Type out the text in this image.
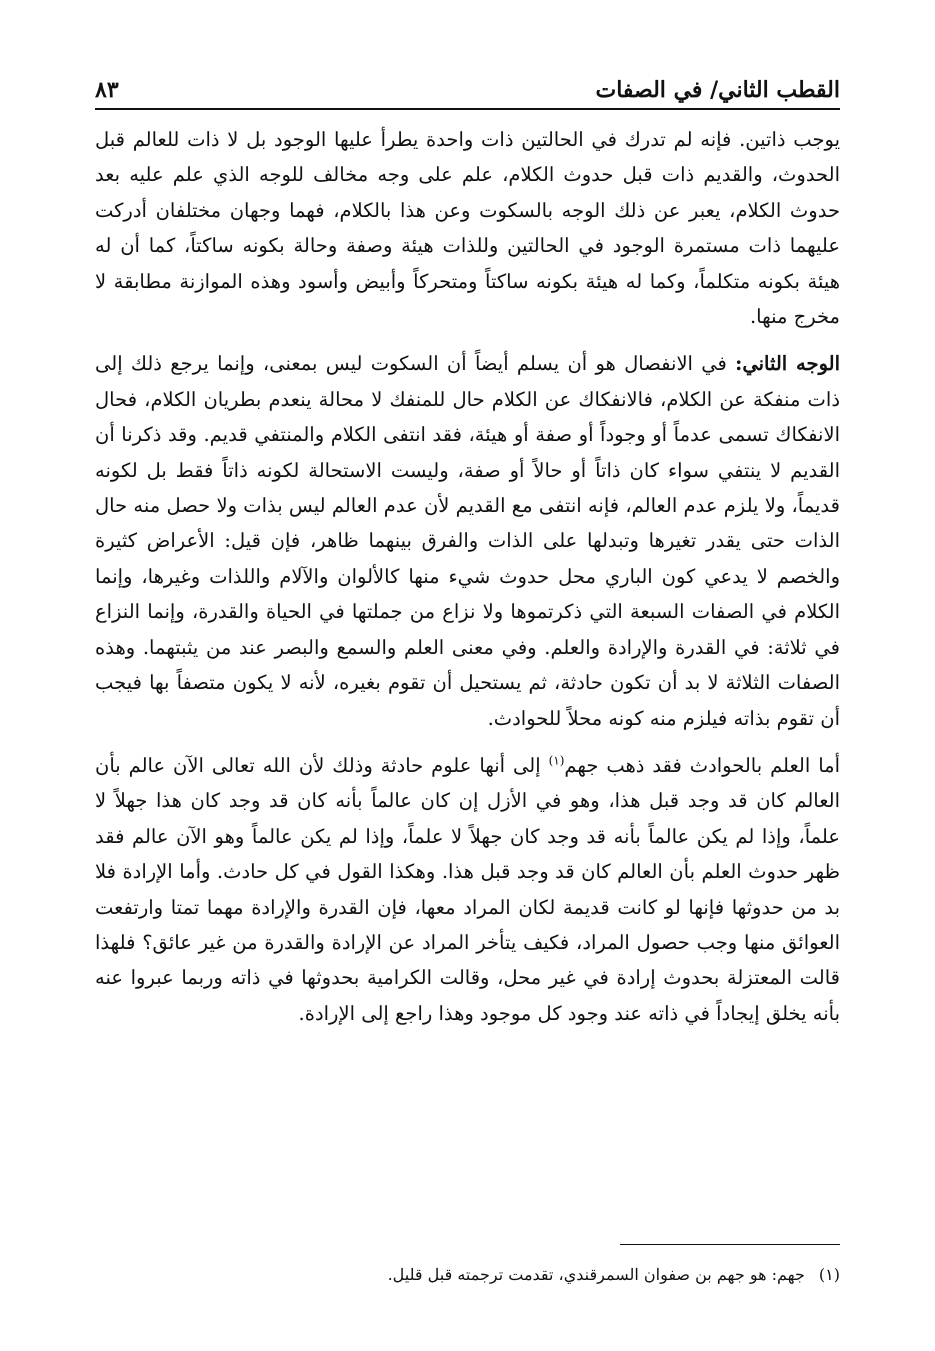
القطب الثاني/ في الصفات
٨٣

يوجب ذاتين. فإنه لم تدرك في الحالتين ذات واحدة يطرأ عليها الوجود بل لا ذات للعالم قبل الحدوث، والقديم ذات قبل حدوث الكلام، علم على وجه مخالف للوجه الذي علم عليه بعد حدوث الكلام، يعبر عن ذلك الوجه بالسكوت وعن هذا بالكلام، فهما وجهان مختلفان أدركت عليهما ذات مستمرة الوجود في الحالتين وللذات هيئة وصفة وحالة بكونه ساكتاً، كما أن له هيئة بكونه متكلماً، وكما له هيئة بكونه ساكتاً ومتحركاً وأبيض وأسود وهذه الموازنة مطابقة لا مخرج منها.

الوجه الثاني: في الانفصال هو أن يسلم أيضاً أن السكوت ليس بمعنى، وإنما يرجع ذلك إلى ذات منفكة عن الكلام، فالانفكاك عن الكلام حال للمنفك لا محالة ينعدم بطريان الكلام، فحال الانفكاك تسمى عدماً أو وجوداً أو صفة أو هيئة، فقد انتفى الكلام والمنتفي قديم. وقد ذكرنا أن القديم لا ينتفي سواء كان ذاتاً أو حالاً أو صفة، وليست الاستحالة لكونه ذاتاً فقط بل لكونه قديماً، ولا يلزم عدم العالم، فإنه انتفى مع القديم لأن عدم العالم ليس بذات ولا حصل منه حال الذات حتى يقدر تغيرها وتبدلها على الذات والفرق بينهما ظاهر، فإن قيل: الأعراض كثيرة والخصم لا يدعي كون الباري محل حدوث شيء منها كالألوان والآلام واللذات وغيرها، وإنما الكلام في الصفات السبعة التي ذكرتموها ولا نزاع من جملتها في الحياة والقدرة، وإنما النزاع في ثلاثة: في القدرة والإرادة والعلم. وفي معنى العلم والسمع والبصر عند من يثبتهما. وهذه الصفات الثلاثة لا بد أن تكون حادثة، ثم يستحيل أن تقوم بغيره، لأنه لا يكون متصفاً بها فيجب أن تقوم بذاته فيلزم منه كونه محلاً للحوادث.

أما العلم بالحوادث فقد ذهب جهم$^{(١)}$ إلى أنها علوم حادثة وذلك لأن الله تعالى الآن عالم بأن العالم كان قد وجد قبل هذا، وهو في الأزل إن كان عالماً بأنه كان قد وجد كان هذا جهلاً لا علماً، وإذا لم يكن عالماً بأنه قد وجد كان جهلاً لا علماً، وإذا لم يكن عالماً وهو الآن عالم فقد ظهر حدوث العلم بأن العالم كان قد وجد قبل هذا. وهكذا القول في كل حادث. وأما الإرادة فلا بد من حدوثها فإنها لو كانت قديمة لكان المراد معها، فإن القدرة والإرادة مهما تمتا وارتفعت العوائق منها وجب حصول المراد، فكيف يتأخر المراد عن الإرادة والقدرة من غير عائق؟ فلهذا قالت المعتزلة بحدوث إرادة في غير محل، وقالت الكرامية بحدوثها في ذاته وربما عبروا عنه بأنه يخلق إيجاداً في ذاته عند وجود كل موجود وهذا راجع إلى الإرادة.

(١)جهم: هو جهم بن صفوان السمرقندي، تقدمت ترجمته قبل قليل.
